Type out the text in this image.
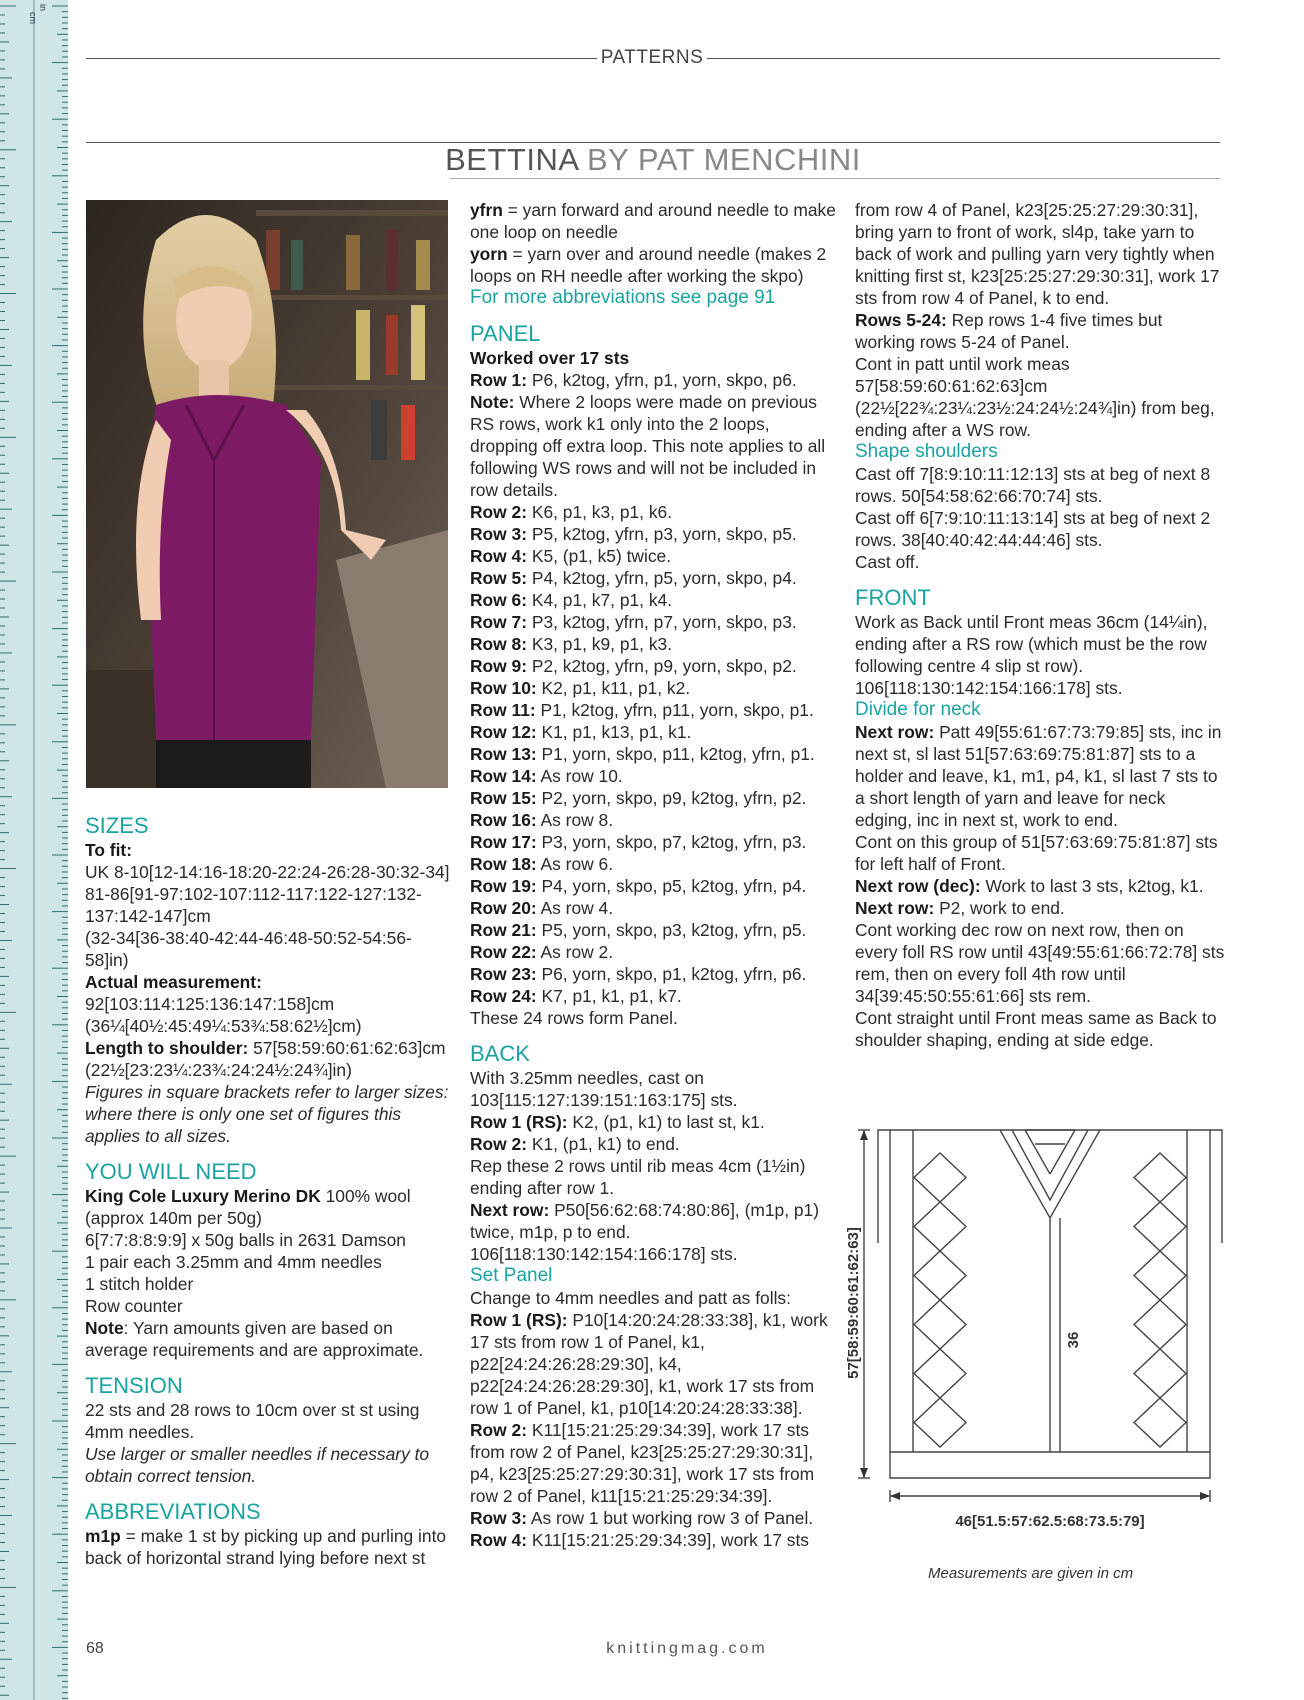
cm
in
PATTERNS
BETTINA BY PAT MENCHINI

SIZES

To fit:

UK 8-10[12-14:16-18:20-22:24-26:28-30:32-34]

81-86[91-97:102-107:112-117:122-127:132-137:142-147]cm

(32-34[36-38:40-42:44-46:48-50:52-54:56-58]in)

Actual measurement:

92[103:114:125:136:147:158]cm

(36¼[40½:45:49¼:53¾:58:62½]cm)

Length to shoulder: 57[58:59:60:61:62:63]cm

(22½[23:23¼:23¾:24:24½:24¾]in)

Figures in square brackets refer to larger sizes: where there is only one set of figures this applies to all sizes.

YOU WILL NEED

King Cole Luxury Merino DK 100% wool (approx 140m per 50g)

6[7:7:8:8:9:9] x 50g balls in 2631 Damson

1 pair each 3.25mm and 4mm needles

1 stitch holder

Row counter

Note: Yarn amounts given are based on average requirements and are approximate.

TENSION

22 sts and 28 rows to 10cm over st st using 4mm needles.

Use larger or smaller needles if necessary to obtain correct tension.

ABBREVIATIONS

m1p = make 1 st by picking up and purling into back of horizontal strand lying before next st

yfrn = yarn forward and around needle to make one loop on needle

yorn = yarn over and around needle (makes 2 loops on RH needle after working the skpo)

For more abbreviations see page 91

PANEL

Worked over 17 sts

Row 1: P6, k2tog, yfrn, p1, yorn, skpo, p6.

Note: Where 2 loops were made on previous RS rows, work k1 only into the 2 loops, dropping off extra loop. This note applies to all following WS rows and will not be included in row details.

Row 2: K6, p1, k3, p1, k6.

Row 3: P5, k2tog, yfrn, p3, yorn, skpo, p5.

Row 4: K5, (p1, k5) twice.

Row 5: P4, k2tog, yfrn, p5, yorn, skpo, p4.

Row 6: K4, p1, k7, p1, k4.

Row 7: P3, k2tog, yfrn, p7, yorn, skpo, p3.

Row 8: K3, p1, k9, p1, k3.

Row 9: P2, k2tog, yfrn, p9, yorn, skpo, p2.

Row 10: K2, p1, k11, p1, k2.

Row 11: P1, k2tog, yfrn, p11, yorn, skpo, p1.

Row 12: K1, p1, k13, p1, k1.

Row 13: P1, yorn, skpo, p11, k2tog, yfrn, p1.

Row 14: As row 10.

Row 15: P2, yorn, skpo, p9, k2tog, yfrn, p2.

Row 16: As row 8.

Row 17: P3, yorn, skpo, p7, k2tog, yfrn, p3.

Row 18: As row 6.

Row 19: P4, yorn, skpo, p5, k2tog, yfrn, p4.

Row 20: As row 4.

Row 21: P5, yorn, skpo, p3, k2tog, yfrn, p5.

Row 22: As row 2.

Row 23: P6, yorn, skpo, p1, k2tog, yfrn, p6.

Row 24: K7, p1, k1, p1, k7.

These 24 rows form Panel.

BACK

With 3.25mm needles, cast on 103[115:127:139:151:163:175] sts.

Row 1 (RS): K2, (p1, k1) to last st, k1.

Row 2: K1, (p1, k1) to end.

Rep these 2 rows until rib meas 4cm (1½in) ending after row 1.

Next row: P50[56:62:68:74:80:86], (m1p, p1) twice, m1p, p to end.

106[118:130:142:154:166:178] sts.

Set Panel

Change to 4mm needles and patt as folls:

Row 1 (RS): P10[14:20:24:28:33:38], k1, work 17 sts from row 1 of Panel, k1, p22[24:24:26:28:29:30], k4, p22[24:24:26:28:29:30], k1, work 17 sts from row 1 of Panel, k1, p10[14:20:24:28:33:38].

Row 2: K11[15:21:25:29:34:39], work 17 sts from row 2 of Panel, k23[25:25:27:29:30:31], p4, k23[25:25:27:29:30:31], work 17 sts from row 2 of Panel, k11[15:21:25:29:34:39].

Row 3: As row 1 but working row 3 of Panel.

Row 4: K11[15:21:25:29:34:39], work 17 sts

from row 4 of Panel, k23[25:25:27:29:30:31], bring yarn to front of work, sl4p, take yarn to back of work and pulling yarn very tightly when knitting first st, k23[25:25:27:29:30:31], work 17 sts from row 4 of Panel, k to end.

Rows 5-24: Rep rows 1-4 five times but working rows 5-24 of Panel.

Cont in patt until work meas 57[58:59:60:61:62:63]cm (22½[22¾:23¼:23½:24:24½:24¾]in) from beg, ending after a WS row.

Shape shoulders

Cast off 7[8:9:10:11:12:13] sts at beg of next 8 rows. 50[54:58:62:66:70:74] sts.

Cast off 6[7:9:10:11:13:14] sts at beg of next 2 rows. 38[40:40:42:44:44:46] sts.

Cast off.

FRONT

Work as Back until Front meas 36cm (14¼in), ending after a RS row (which must be the row following centre 4 slip st row). 106[118:130:142:154:166:178] sts.

Divide for neck

Next row: Patt 49[55:61:67:73:79:85] sts, inc in next st, sl last 51[57:63:69:75:81:87] sts to a holder and leave, k1, m1, p4, k1, sl last 7 sts to a short length of yarn and leave for neck edging, inc in next st, work to end.

Cont on this group of 51[57:63:69:75:81:87] sts for left half of Front.

Next row (dec): Work to last 3 sts, k2tog, k1.

Next row: P2, work to end.

Cont working dec row on next row, then on every foll RS row until 43[49:55:61:66:72:78] sts rem, then on every foll 4th row until 34[39:45:50:55:61:66] sts rem.

Cont straight until Front meas same as Back to shoulder shaping, ending at side edge.

57[58:59:60:61:62:63]	36
46[51.5:57:62.5:68:73.5:79]
Measurements are given in cm
68	knittingmag.com
